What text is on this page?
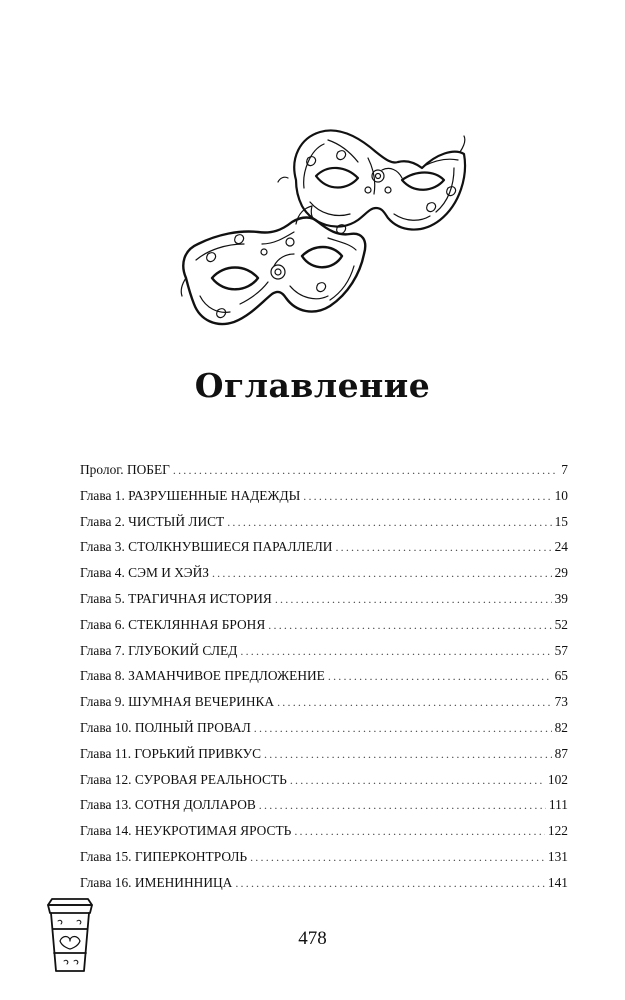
Оглавление
Пролог. ПОБЕГ .....	7
Глава 1. РАЗРУШЕННЫЕ НАДЕЖДЫ .....	10
Глава 2. ЧИСТЫЙ ЛИСТ .....	15
Глава 3. СТОЛКНУВШИЕСЯ ПАРАЛЛЕЛИ .....	24
Глава 4. СЭМ И ХЭЙЗ .....	29
Глава 5. ТРАГИЧНАЯ ИСТОРИЯ .....	39
Глава 6. СТЕКЛЯННАЯ БРОНЯ .....	52
Глава 7. ГЛУБОКИЙ СЛЕД .....	57
Глава 8. ЗАМАНЧИВОЕ ПРЕДЛОЖЕНИЕ .....	65
Глава 9. ШУМНАЯ ВЕЧЕРИНКА .....	73
Глава 10. ПОЛНЫЙ ПРОВАЛ .....	82
Глава 11. ГОРЬКИЙ ПРИВКУС .....	87
Глава 12. СУРОВАЯ РЕАЛЬНОСТЬ .....	102
Глава 13. СОТНЯ ДОЛЛАРОВ .....	111
Глава 14. НЕУКРОТИМАЯ ЯРОСТЬ .....	122
Глава 15. ГИПЕРКОНТРОЛЬ .....	131
Глава 16. ИМЕНИННИЦА .....	141
478
